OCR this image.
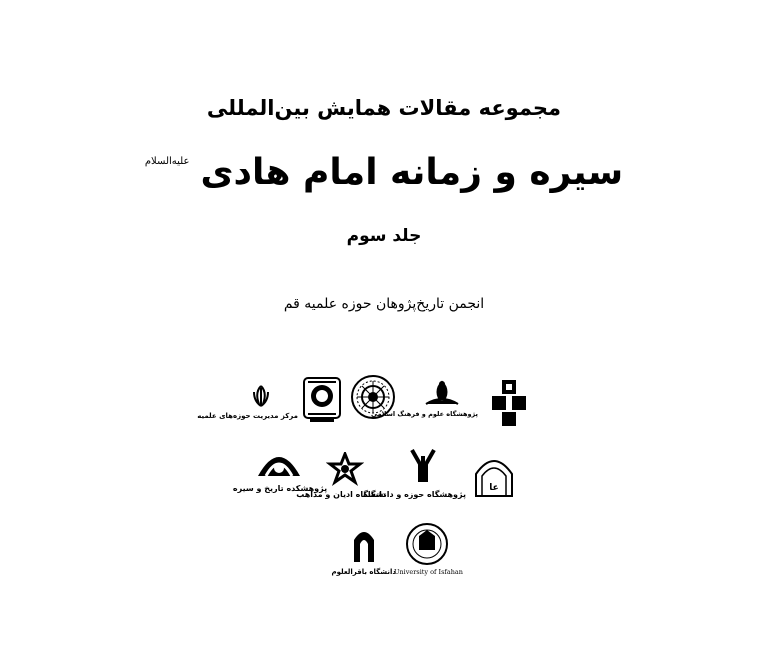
مجموعه مقالات همایش بین‌المللی
سیره و زمانه امام هادی علیه‌السلام
جلد سوم
انجمن تاریخ‌پژوهان حوزه علمیه قم
مرکز مدیریت حوزه‌های علمیه	پژوهشگاه علوم و فرهنگ اسلامی
پژوهشکده تاریخ و سیره
دانشگاه ادیان و مذاهب
پژوهشگاه حوزه و دانشگاه
عا
University of Isfahan
دانشگاه باقرالعلوم
